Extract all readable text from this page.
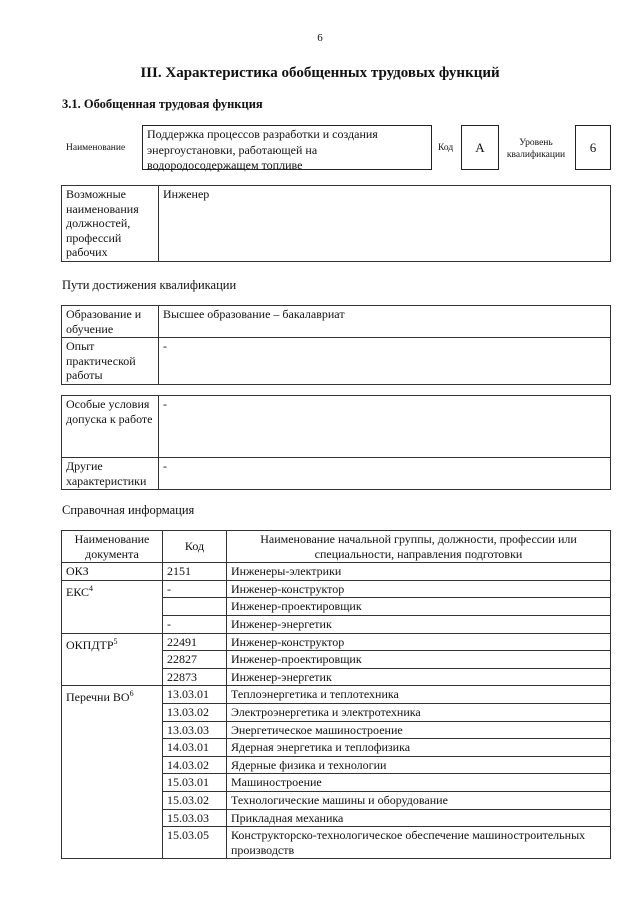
6
III. Характеристика обобщенных трудовых функций
3.1. Обобщенная трудовая функция
Наименование
Поддержка процессов разработки и создания энергоустановки, работающей на водородосодержащем топливе
Код А	Уровень квалификации
6
Возможные наименования должностей, профессий рабочих	Инженер
Пути достижения квалификации
Образование и обучение	Высшее образование – бакалавриат
Опыт практической работы	-
Особые условия допуска к работе	-
Другие характеристики	-
Справочная информация
Наименование документа	Код	Наименование начальной группы, должности, профессии или специальности, направления подготовки
ОКЗ	2151	Инженеры-электрики
ЕКС$^4$	-	Инженер-конструктор
		Инженер-проектировщик
	-	Инженер-энергетик
ОКПДТР$^5$	22491	Инженер-конструктор
	22827	Инженер-проектировщик
	22873	Инженер-энергетик
Перечни $ВО^6$	13.03.01	Теплоэнергетика и теплотехника
	13.03.02	Электроэнергетика и электротехника
	13.03.03	Энергетическое машиностроение
	14.03.01	Ядерная энергетика и теплофизика
	14.03.02	Ядерные физика и технологии
	15.03.01	Машиностроение
	15.03.02	Технологические машины и оборудование
	15.03.03	Прикладная механика
	15.03.05	Конструкторско-технологическое обеспечение машиностроительных производств
